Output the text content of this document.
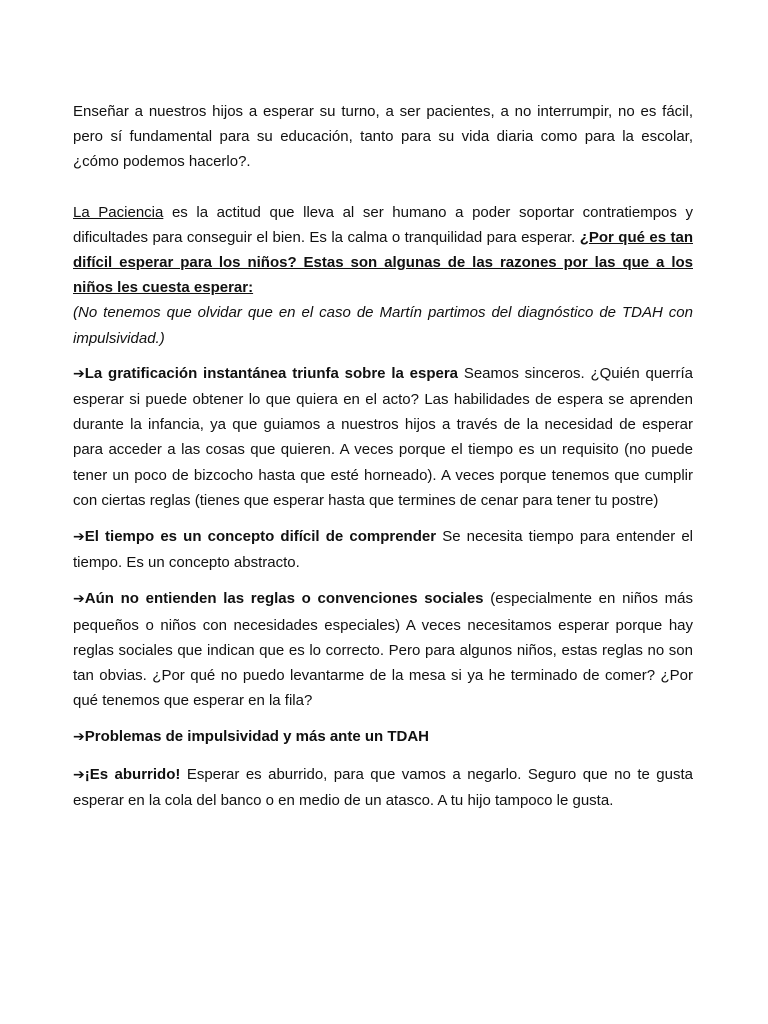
Enseñar a nuestros hijos a esperar su turno, a ser pacientes, a no interrumpir, no es fácil, pero sí fundamental para su educación, tanto para su vida diaria como para la escolar, ¿cómo podemos hacerlo?.

La Paciencia es la actitud que lleva al ser humano a poder soportar contratiempos y dificultades para conseguir el bien. Es la calma o tranquilidad para esperar. ¿Por qué es tan difícil esperar para los niños? Estas son algunas de las razones por las que a los niños les cuesta esperar:

(No tenemos que olvidar que en el caso de Martín partimos del diagnóstico de TDAH con impulsividad.)

➔La gratificación instantánea triunfa sobre la espera Seamos sinceros. ¿Quién querría esperar si puede obtener lo que quiera en el acto? Las habilidades de espera se aprenden durante la infancia, ya que guiamos a nuestros hijos a través de la necesidad de esperar para acceder a las cosas que quieren. A veces porque el tiempo es un requisito (no puede tener un poco de bizcocho hasta que esté horneado). A veces porque tenemos que cumplir con ciertas reglas (tienes que esperar hasta que termines de cenar para tener tu postre)

➔El tiempo es un concepto difícil de comprender Se necesita tiempo para entender el tiempo. Es un concepto abstracto.

➔Aún no entienden las reglas o convenciones sociales (especialmente en niños más pequeños o niños con necesidades especiales) A veces necesitamos esperar porque hay reglas sociales que indican que es lo correcto. Pero para algunos niños, estas reglas no son tan obvias. ¿Por qué no puedo levantarme de la mesa si ya he terminado de comer? ¿Por qué tenemos que esperar en la fila?

➔Problemas de impulsividad y más ante un TDAH

➔¡Es aburrido! Esperar es aburrido, para que vamos a negarlo. Seguro que no te gusta esperar en la cola del banco o en medio de un atasco. A tu hijo tampoco le gusta.
